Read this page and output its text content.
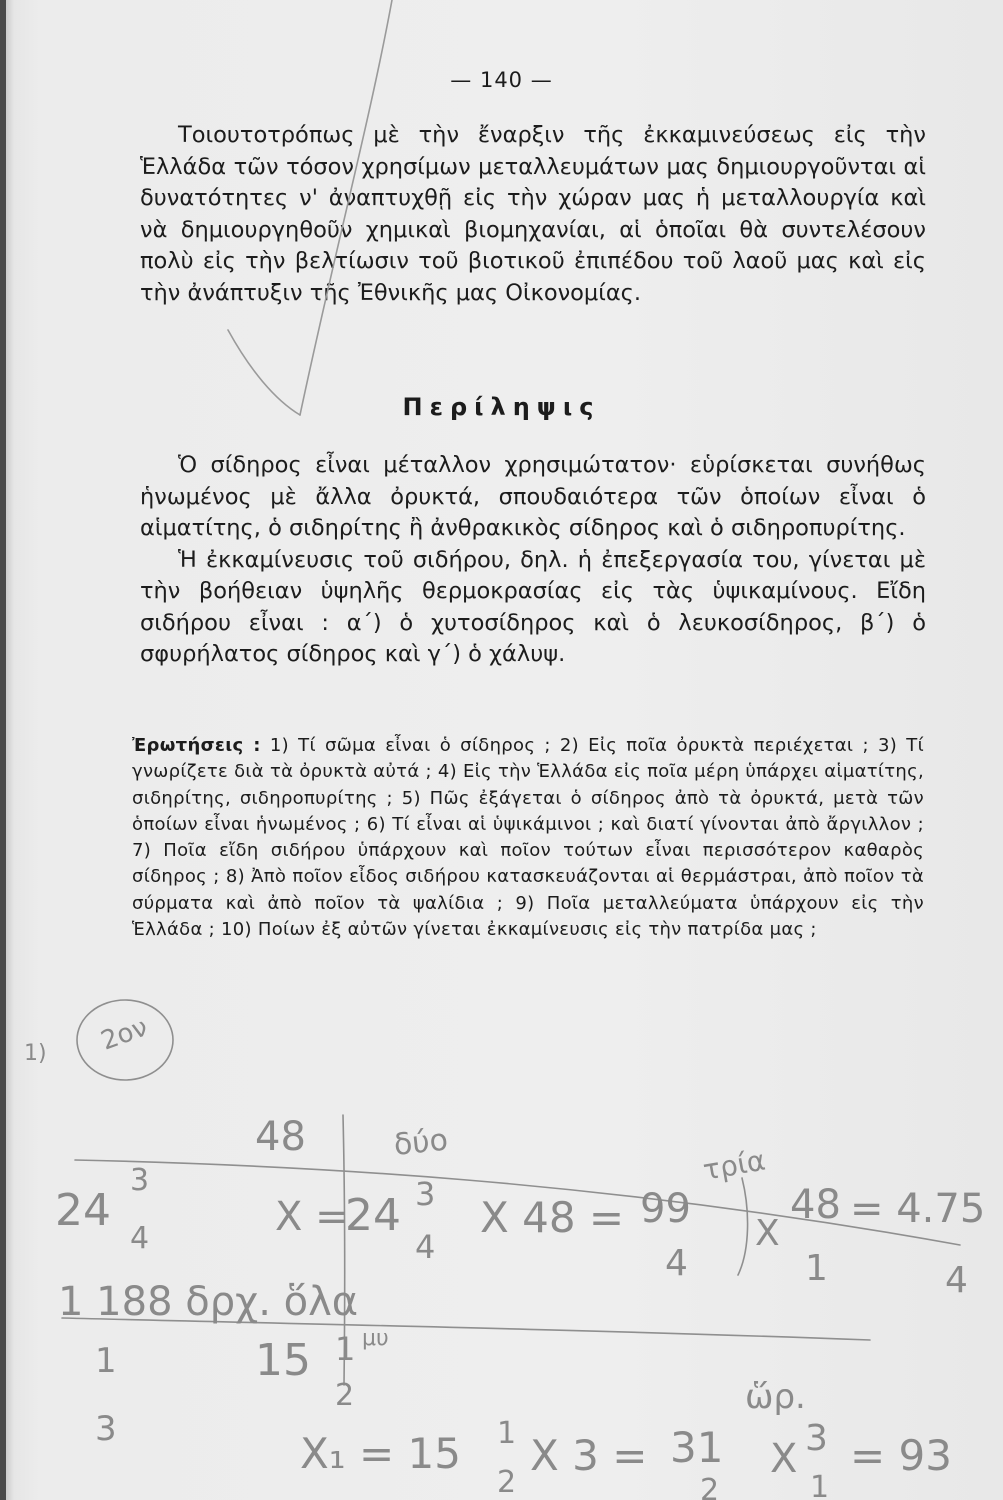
— 140 —

Τοιουτοτρόπως μὲ τὴν ἔναρξιν τῆς ἐκκαμινεύσεως εἰς τὴν Ἑλλάδα τῶν τόσον χρησίμων μεταλλευμάτων μας δημιουργοῦνται αἱ δυνατότητες ν' ἀναπτυχθῇ εἰς τὴν χώραν μας ἡ μεταλλουργία καὶ νὰ δημιουργηθοῦν χημικαὶ βιομηχανίαι, αἱ ὁποῖαι θὰ συντελέσουν πολὺ εἰς τὴν βελτίωσιν τοῦ βιοτικοῦ ἐπιπέδου τοῦ λαοῦ μας καὶ εἰς τὴν ἀνάπτυξιν τῆς Ἐθνικῆς μας Οἰκονομίας.

Περίληψις

Ὁ σίδηρος εἶναι μέταλλον χρησιμώτατον· εὑρίσκεται συνήθως ἡνωμένος μὲ ἄλλα ὀρυκτά, σπουδαιότερα τῶν ὁποίων εἶναι ὁ αἱματίτης, ὁ σιδηρίτης ἢ ἀνθρακικὸς σίδηρος καὶ ὁ σιδηροπυρίτης.

Ἡ ἐκκαμίνευσις τοῦ σιδήρου, δηλ. ἡ ἐπεξεργασία του, γίνεται μὲ τὴν βοήθειαν ὑψηλῆς θερμοκρασίας εἰς τὰς ὑψικαμίνους. Εἴδη σιδήρου εἶναι : α΄) ὁ χυτοσίδηρος καὶ ὁ λευκοσίδηρος, β΄) ὁ σφυρήλατος σίδηρος καὶ γ΄) ὁ χάλυψ.

Ἐρωτήσεις : 1) Τί σῶμα εἶναι ὁ σίδηρος ; 2) Εἰς ποῖα ὀρυκτὰ περιέχεται ; 3) Τί γνωρίζετε διὰ τὰ ὀρυκτὰ αὐτά ; 4) Εἰς τὴν Ἑλλάδα εἰς ποῖα μέρη ὑπάρχει αἱματίτης, σιδηρίτης, σιδηροπυρίτης ; 5) Πῶς ἐξάγεται ὁ σίδηρος ἀπὸ τὰ ὀρυκτά, μετὰ τῶν ὁποίων εἶναι ἡνωμένος ; 6) Τί εἶναι αἱ ὑψικάμινοι ; καὶ διατί γίνονται ἀπὸ ἄργιλλον ; 7) Ποῖα εἴδη σιδήρου ὑπάρχουν καὶ ποῖον τούτων εἶναι περισσότερον καθαρὸς σίδηρος ; 8) Ἀπὸ ποῖον εἶδος σιδήρου κατασκευάζονται αἱ θερμάστραι, ἀπὸ ποῖον τὰ σύρματα καὶ ἀπὸ ποῖον τὰ ψαλίδια ; 9) Ποῖα μεταλλεύματα ὑπάρχουν εἰς τὴν Ἑλλάδα ; 10) Ποίων ἐξ αὐτῶν γίνεται ἐκκαμίνευσις εἰς τὴν πατρίδα μας ;
2ον
1)
48	δύο
τρία
24
3
4	X =
24 3
4
X 48 = 99
4
X
48
1
= 4.75
4
1 188 δρχ. ὅλα
15 1
2
μυ
1
3
ὥρ.
X₁ = 15 1
2
X 3 = 31
2
X 3
1
= 93
